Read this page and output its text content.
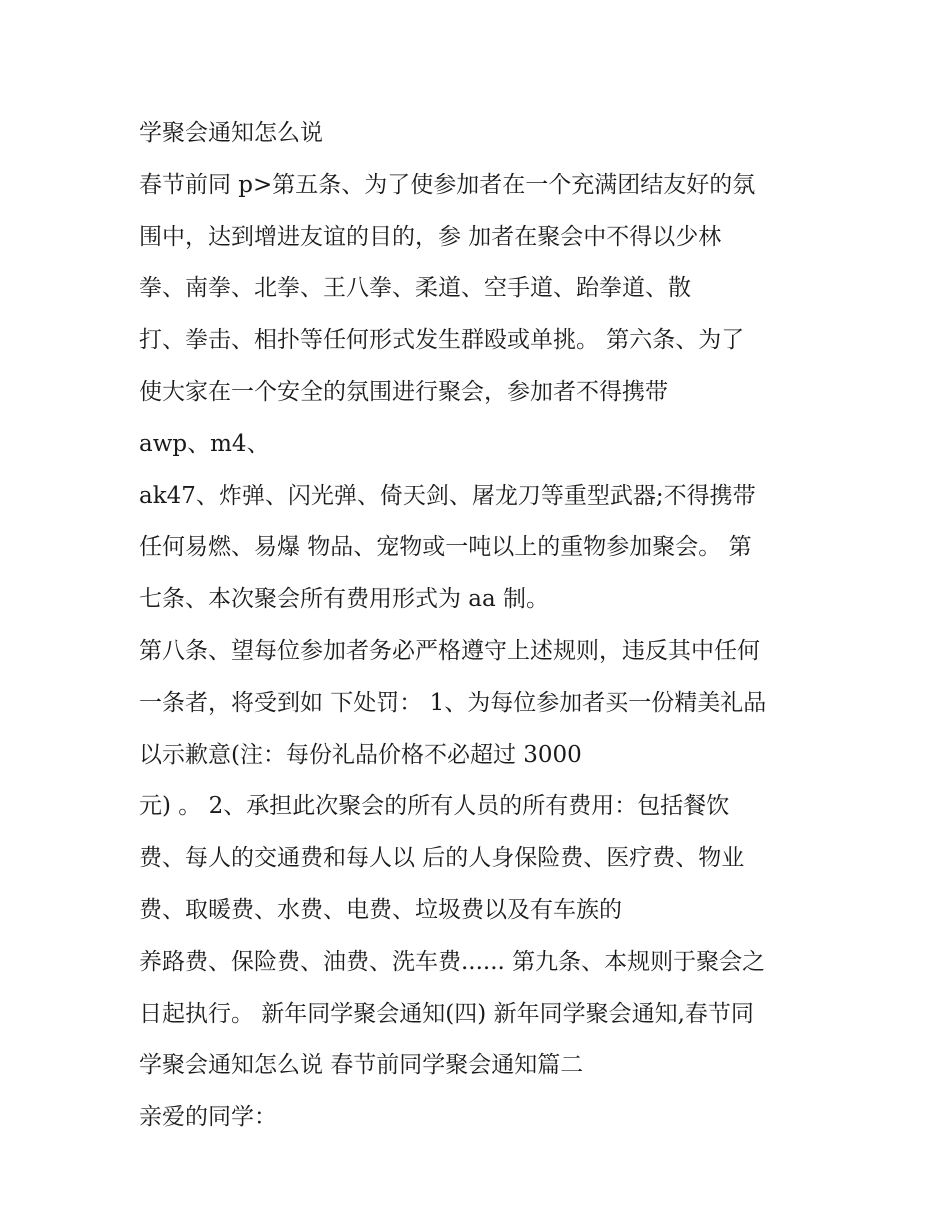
学聚会通知怎么说
春节前同 p>第五条、为了使参加者在一个充满团结友好的氛
围中，达到增进友谊的目的，参 加者在聚会中不得以少林
拳、南拳、北拳、王八拳、柔道、空手道、跆拳道、散
打、拳击、相扑等任何形式发生群殴或单挑。 第六条、为了
使大家在一个安全的氛围进行聚会，参加者不得携带
awp、m4、
ak47、炸弹、闪光弹、倚天剑、屠龙刀等重型武器;不得携带
任何易燃、易爆 物品、宠物或一吨以上的重物参加聚会。 第
七条、本次聚会所有费用形式为 aa 制。
第八条、望每位参加者务必严格遵守上述规则，违反其中任何
一条者，将受到如 下处罚： 1、为每位参加者买一份精美礼品
以示歉意(注：每份礼品价格不必超过 3000
元) 。 2、承担此次聚会的所有人员的所有费用：包括餐饮
费、每人的交通费和每人以 后的人身保险费、医疗费、物业
费、取暖费、水费、电费、垃圾费以及有车族的
养路费、保险费、油费、洗车费...... 第九条、本规则于聚会之
日起执行。 新年同学聚会通知(四) 新年同学聚会通知,春节同
学聚会通知怎么说 春节前同学聚会通知篇二
亲爱的同学：
